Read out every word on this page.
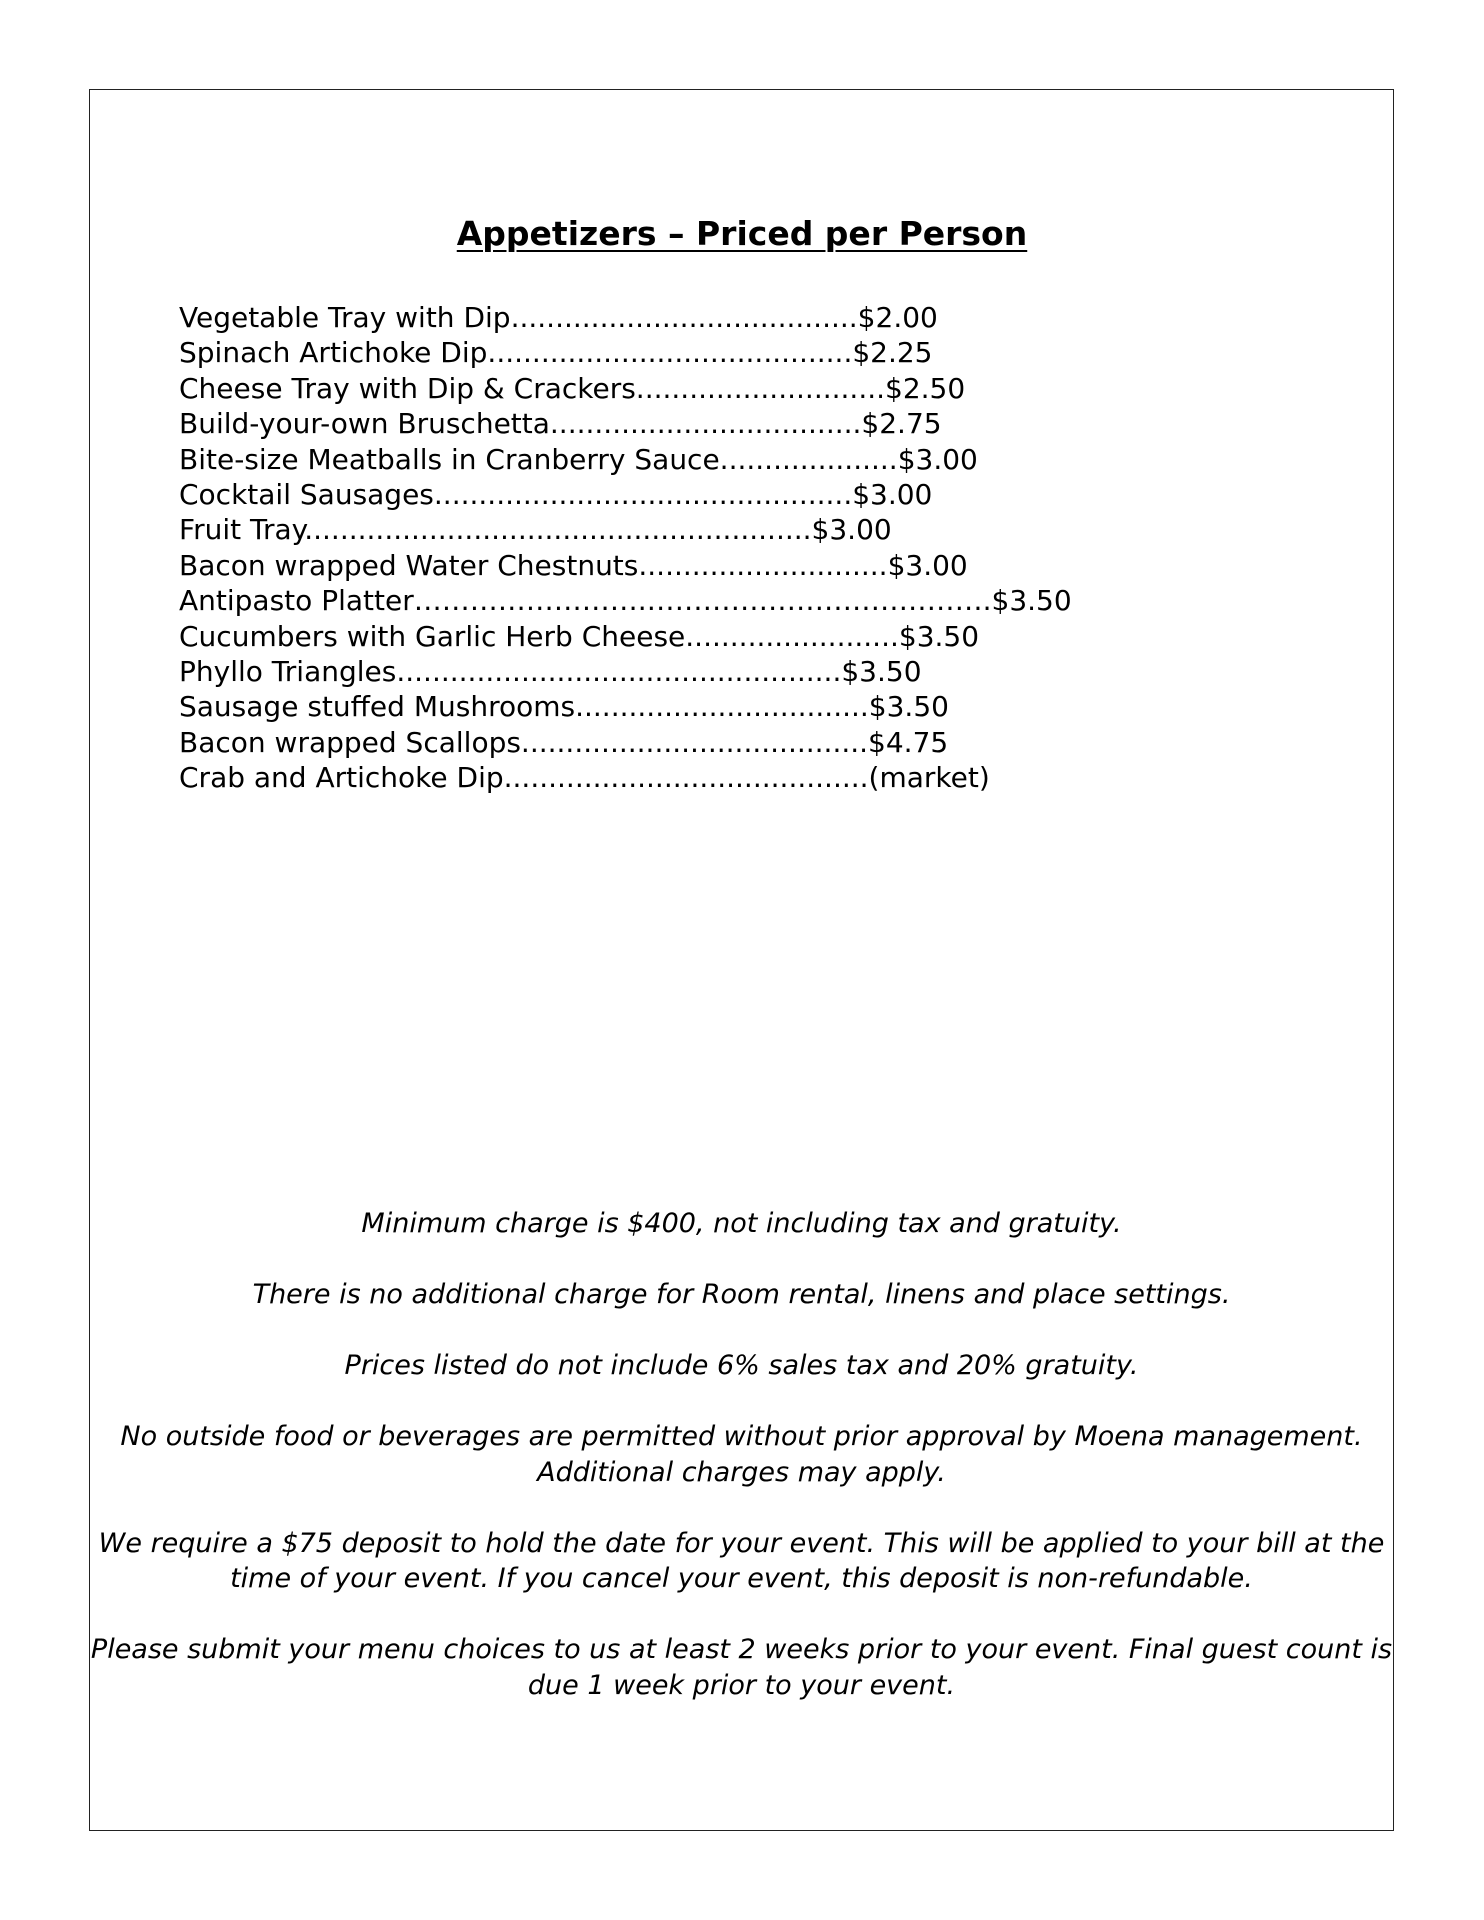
Appetizers – Priced per Person
Vegetable Tray with Dip.......................................$2.00
Spinach Artichoke Dip.........................................$2.25
Cheese Tray with Dip & Crackers............................$2.50
Build-your-own Bruschetta...................................$2.75
Bite-size Meatballs in Cranberry Sauce....................$3.00
Cocktail Sausages...............................................$3.00
Fruit Tray.........................................................$3.00
Bacon wrapped Water Chestnuts............................$3.00
Antipasto Platter…………………….……………………………….$3.50
Cucumbers with Garlic Herb Cheese........................$3.50
Phyllo Triangles..................................................$3.50
Sausage stuffed Mushrooms.................................$3.50
Bacon wrapped Scallops.......................................$4.75
Crab and Artichoke Dip.........................................(market)

Minimum charge is $400, not including tax and gratuity.

There is no additional charge for Room rental, linens and place settings.

Prices listed do not include 6% sales tax and 20% gratuity.

No outside food or beverages are permitted without prior approval by Moena management. Additional charges may apply.

We require a $75 deposit to hold the date for your event. This will be applied to your bill at the time of your event. If you cancel your event, this deposit is non-refundable.

Please submit your menu choices to us at least 2 weeks prior to your event. Final guest count is due 1 week prior to your event.
